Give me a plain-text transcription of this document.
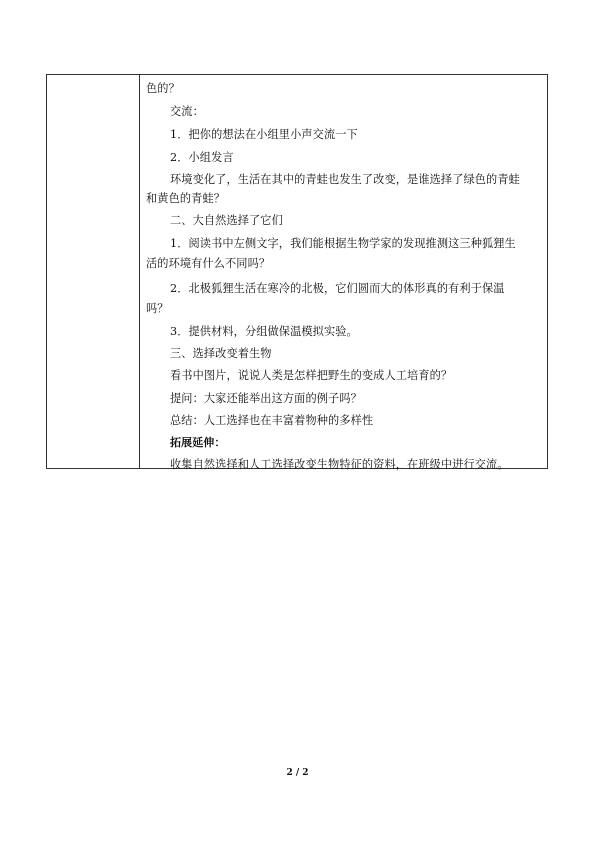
色的？
交流：
1．把你的想法在小组里小声交流一下
2．小组发言
环境变化了，生活在其中的青蛙也发生了改变，是谁选择了绿色的青蛙
和黄色的青蛙？
二、大自然选择了它们
1．阅读书中左侧文字，我们能根据生物学家的发现推测这三种狐狸生
活的环境有什么不同吗？
2．北极狐狸生活在寒冷的北极，它们圆而大的体形真的有利于保温
吗？
3．提供材料，分组做保温模拟实验。
三、选择改变着生物
看书中图片，说说人类是怎样把野生的变成人工培育的？
提问：大家还能举出这方面的例子吗？
总结：人工选择也在丰富着物种的多样性
拓展延伸：
收集自然选择和人工选择改变生物特征的资料，在班级中进行交流。
2 / 2
